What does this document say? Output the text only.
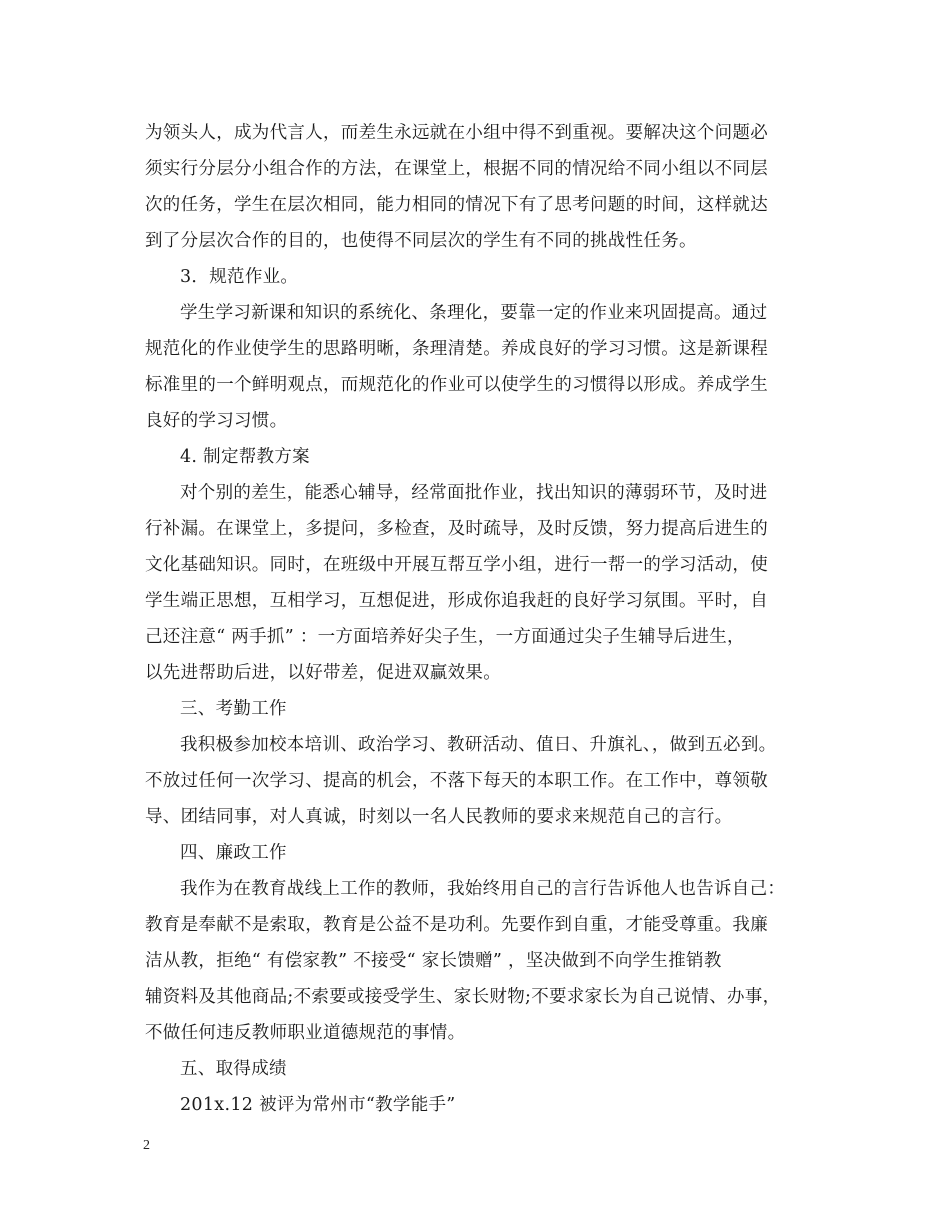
为领头人，成为代言人，而差生永远就在小组中得不到重视。要解决这个问题必
须实行分层分小组合作的方法，在课堂上，根据不同的情况给不同小组以不同层
次的任务，学生在层次相同，能力相同的情况下有了思考问题的时间，这样就达
到了分层次合作的目的，也使得不同层次的学生有不同的挑战性任务。
3．规范作业。
学生学习新课和知识的系统化、条理化，要靠一定的作业来巩固提高。通过
规范化的作业使学生的思路明晰，条理清楚。养成良好的学习习惯。这是新课程
标准里的一个鲜明观点，而规范化的作业可以使学生的习惯得以形成。养成学生
良好的学习习惯。
4. 制定帮教方案
对个别的差生，能悉心辅导，经常面批作业，找出知识的薄弱环节，及时进
行补漏。在课堂上，多提问，多检查，及时疏导，及时反馈，努力提高后进生的
文化基础知识。同时，在班级中开展互帮互学小组，进行一帮一的学习活动，使
学生端正思想，互相学习，互想促进，形成你追我赶的良好学习氛围。平时，自
己还注意“ 两手抓” ：一方面培养好尖子生，一方面通过尖子生辅导后进生，
以先进帮助后进，以好带差，促进双赢效果。
三、考勤工作
我积极参加校本培训、政治学习、教研活动、值日、升旗礼、，做到五必到。
不放过任何一次学习、提高的机会，不落下每天的本职工作。在工作中，尊领敬
导、团结同事，对人真诚，时刻以一名人民教师的要求来规范自己的言行。
四、廉政工作
我作为在教育战线上工作的教师，我始终用自己的言行告诉他人也告诉自己：
教育是奉献不是索取，教育是公益不是功利。先要作到自重，才能受尊重。我廉
洁从教，拒绝“ 有偿家教” 不接受“ 家长馈赠” ，坚决做到不向学生推销教
辅资料及其他商品;不索要或接受学生、家长财物;不要求家长为自己说情、办事，
不做任何违反教师职业道德规范的事情。
五、取得成绩
201x.12 被评为常州市“教学能手”
2
